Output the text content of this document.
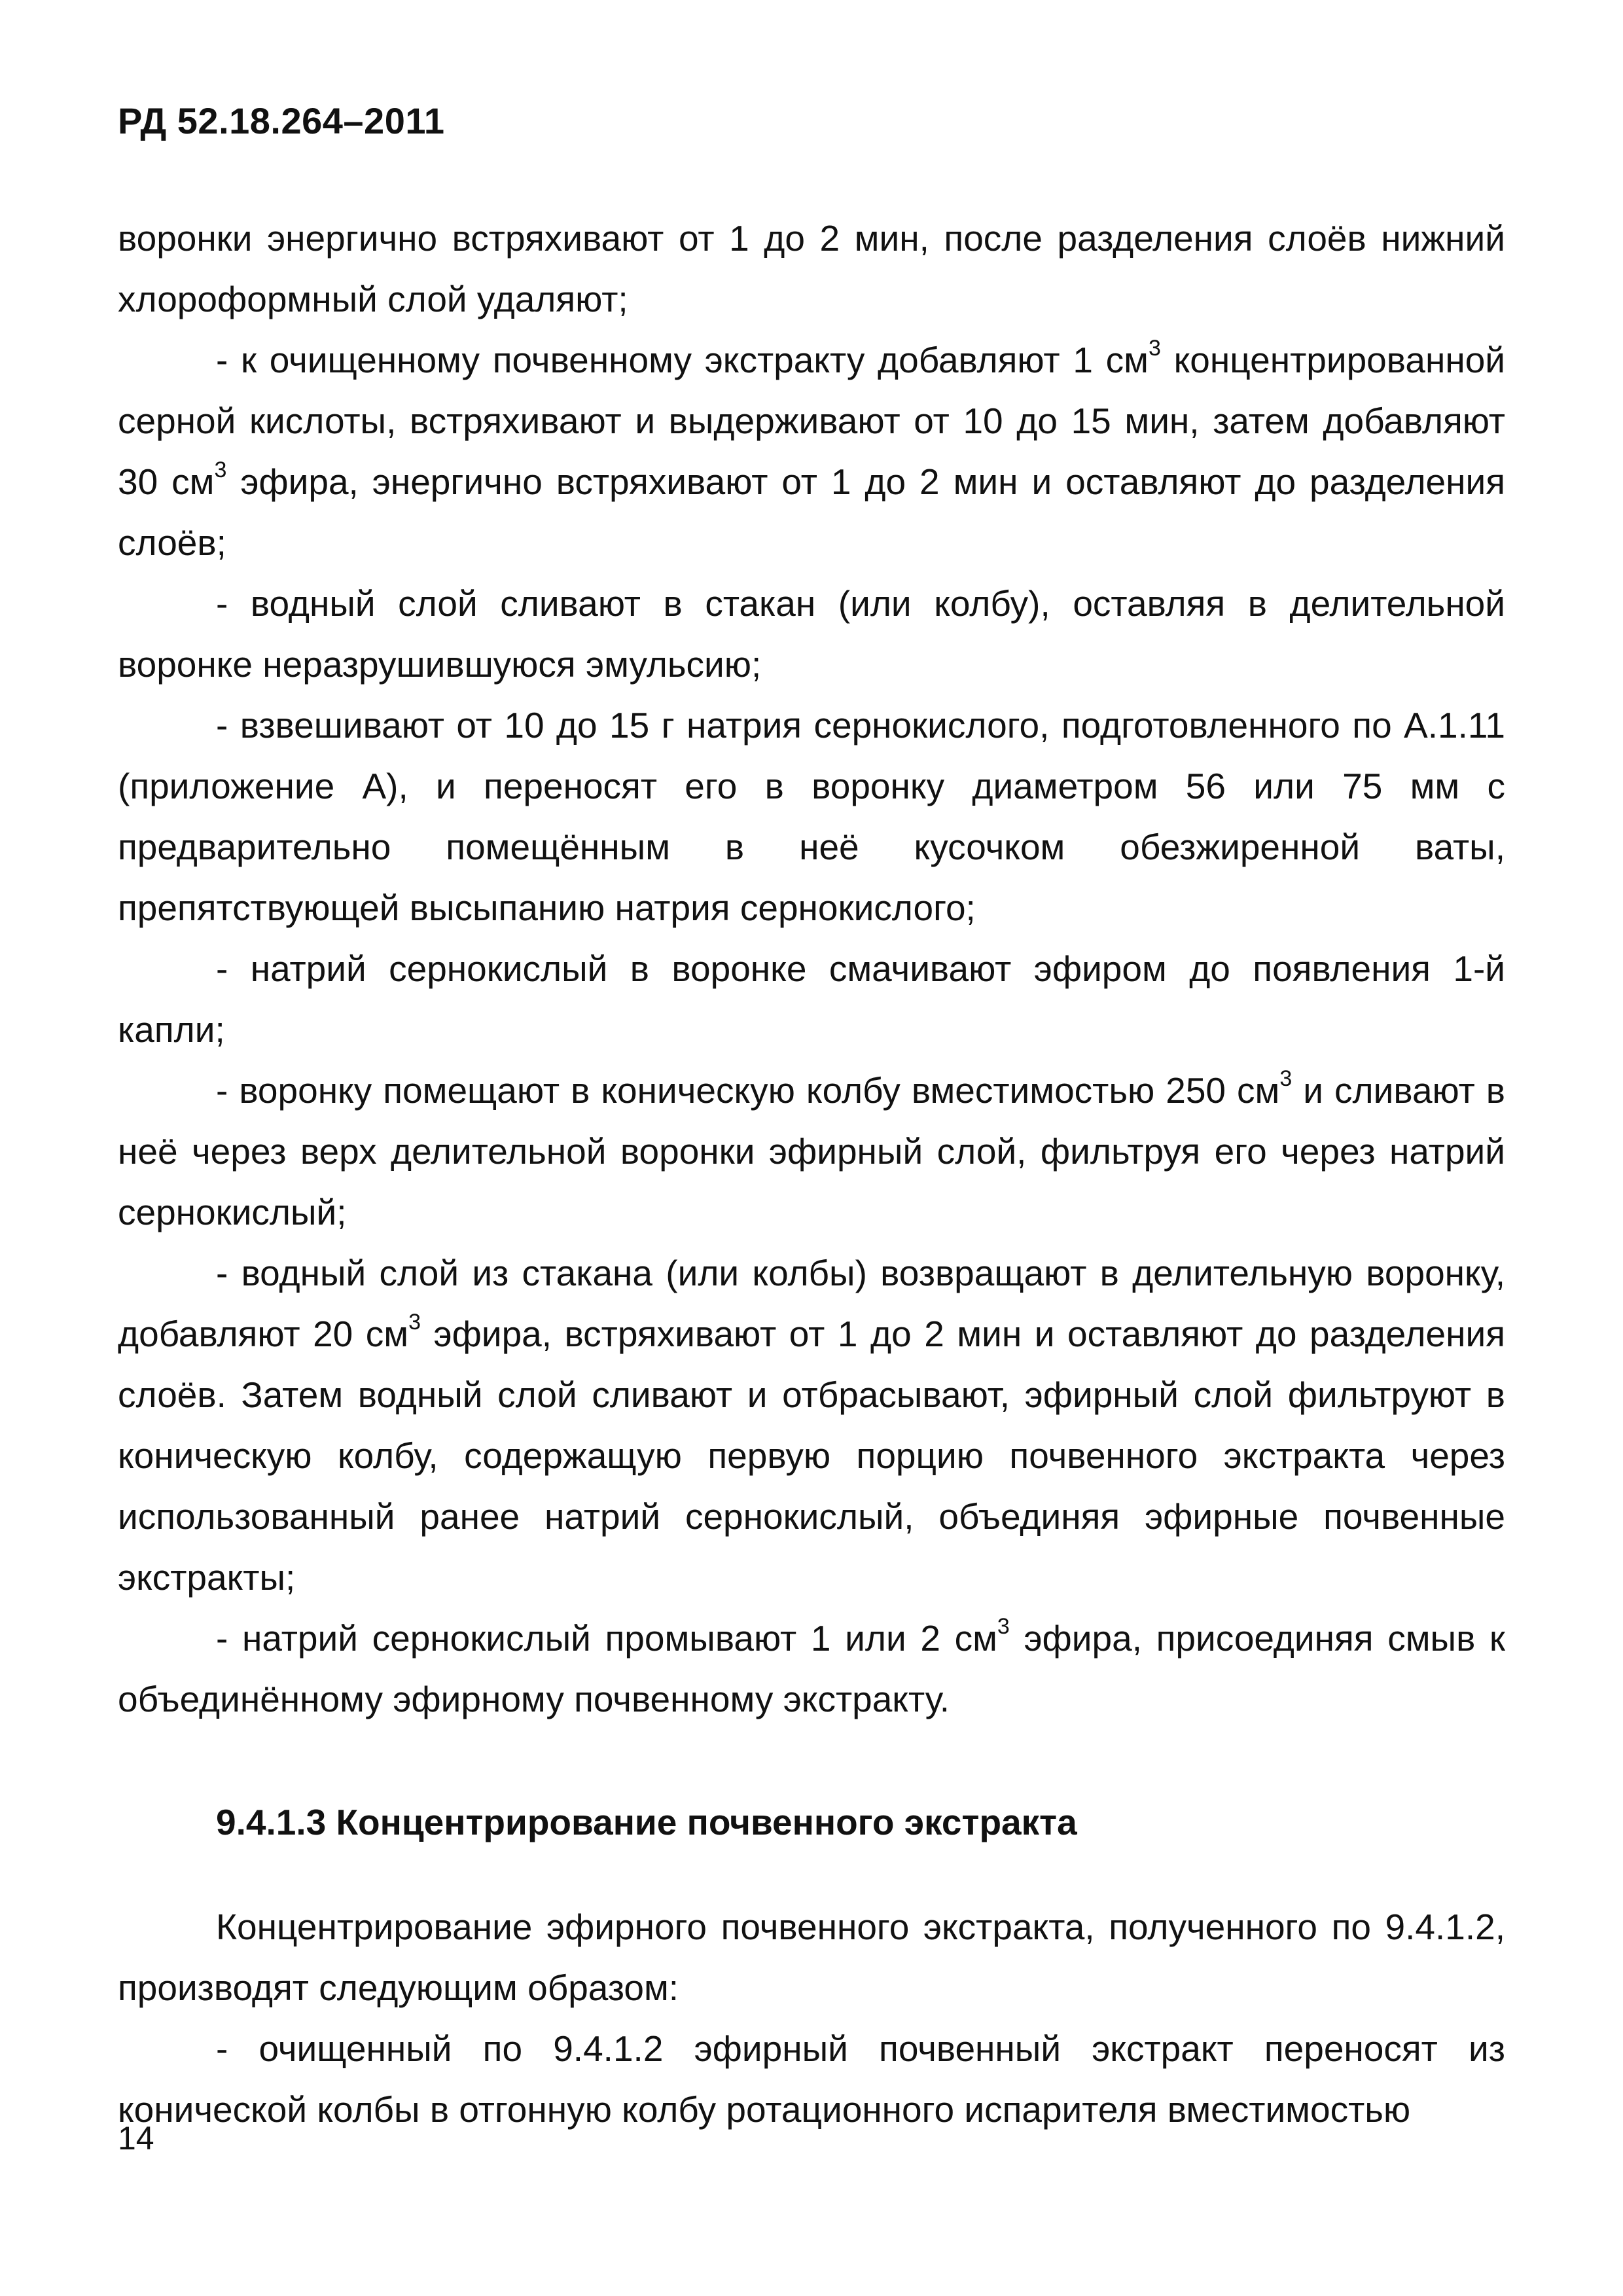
РД 52.18.264–2011

воронки энергично встряхивают от 1 до 2 мин, после разделения слоёв нижний хлороформный слой удаляют;

- к очищенному почвенному экстракту добавляют 1 $см^3$ концентрированной серной кислоты, встряхивают и выдерживают от 10 до 15 мин, затем добавляют 30 $см^3$ эфира, энергично встряхивают от 1 до 2 мин и оставляют до разделения слоёв;

- водный слой сливают в стакан (или колбу), оставляя в делительной воронке неразрушившуюся эмульсию;

- взвешивают от 10 до 15 г натрия сернокислого, подготовленного по А.1.11 (приложение А), и переносят его в воронку диаметром 56 или 75 мм с предварительно помещённым в неё кусочком обезжиренной ваты, препятствующей высыпанию натрия сернокислого;

- натрий сернокислый в воронке смачивают эфиром до появления 1-й капли;

- воронку помещают в коническую колбу вместимостью 250 $см^3$ и сливают в неё через верх делительной воронки эфирный слой, фильтруя его через натрий сернокислый;

- водный слой из стакана (или колбы) возвращают в делительную воронку, добавляют 20 $см^3$ эфира, встряхивают от 1 до 2 мин и оставляют до разделения слоёв. Затем водный слой сливают и отбрасывают, эфирный слой фильтруют в коническую колбу, содержащую первую порцию почвенного экстракта через использованный ранее натрий сернокислый, объединяя эфирные почвенные экстракты;

- натрий сернокислый промывают 1 или 2 $см^3$ эфира, присоединяя смыв к объединённому эфирному почвенному экстракту.

9.4.1.3 Концентрирование почвенного экстракта

Концентрирование эфирного почвенного экстракта, полученного по 9.4.1.2, производят следующим образом:

- очищенный по 9.4.1.2 эфирный почвенный экстракт переносят из конической колбы в отгонную колбу ротационного испарителя вместимостью

14
